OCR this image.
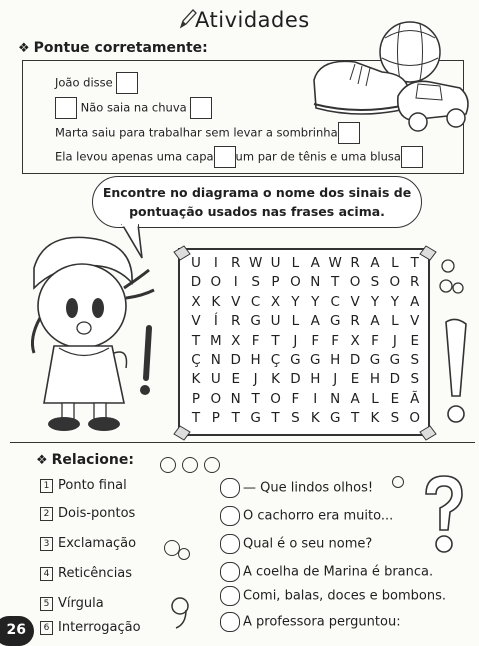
Atividades
❖ Pontue corretamente:
João disse
Não saia na chuva
Marta saiu para trabalhar sem levar a sombrinha
Ela levou apenas uma capa um par de tênis e uma blusa
Encontre no diagrama o nome dos sinais de
pontuação usados nas frases acima.
U I R W U L A W R A L T
D O I	S P O N T O S O R
X K V C X Y Y C V Y Y A
V Í R G U L A G R A L V
T M X F T	J	F F X F	J	E
Ç N D H Ç G G H D G G S
K U E	J K D H J	E H D S
P O N T O F	I N A L E Ã
T P T G T S K G T K S O
❖ Relacione:
1 Ponto final
2 Dois-pontos
3 Exclamação
4 Reticências
5 Vírgula
6 Interrogação
— Que lindos olhos!
O cachorro era muito...
Qual é o seu nome?
A coelha de Marina é branca.
Comi, balas, doces e bombons.
A professora perguntou:
26
